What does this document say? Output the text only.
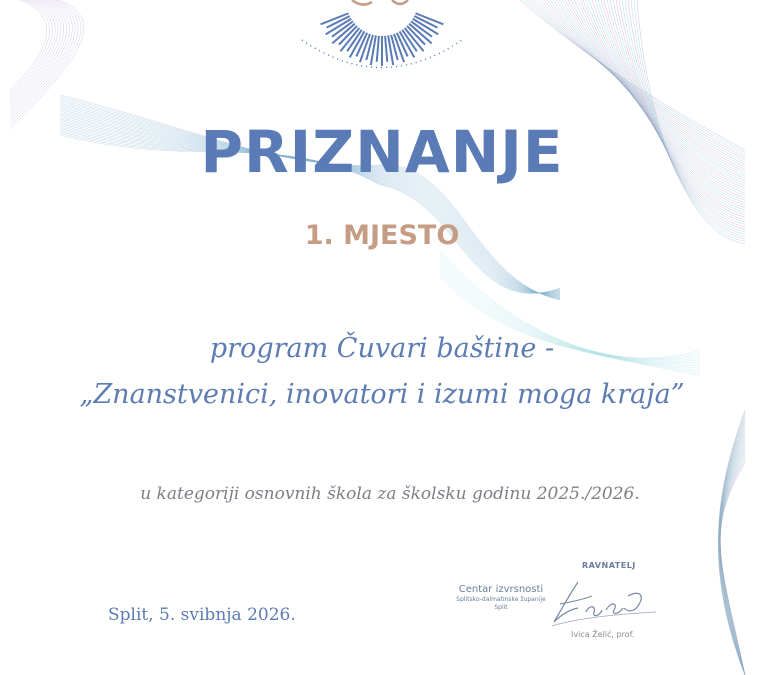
PRIZNANJE
1. MJESTO
program Čuvari baštine -
„Znanstvenici, inovatori i izumi moga kraja”
u kategoriji osnovnih škola za školsku godinu 2025./2026.
Split, 5. svibnja 2026.
RAVNATELJ
Centar izvrsnosti
Splitsko-dalmatinske županije
Split
Ivica Želić, prof.
